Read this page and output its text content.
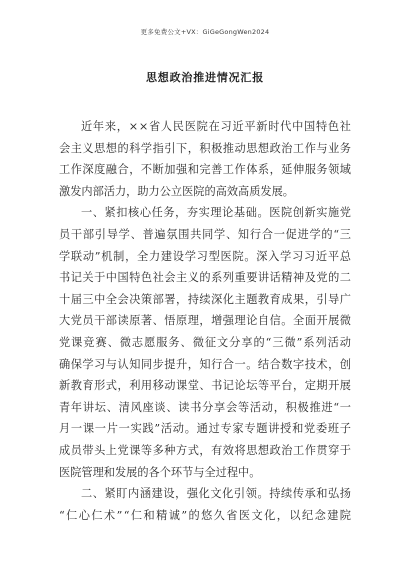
更多免费公文+VX：GiGeGongWen2024
思想政治推进情况汇报
近年来，××省人民医院在习近平新时代中国特色社
会主义思想的科学指引下，积极推动思想政治工作与业务
工作深度融合，不断加强和完善工作体系，延伸服务领域
激发内部活力，助力公立医院的高效高质发展。
一、紧扣核心任务，夯实理论基础。医院创新实施党
员干部引导学、普遍氛围共同学、知行合一促进学的“三
学联动”机制，全力建设学习型医院。深入学习习近平总
书记关于中国特色社会主义的系列重要讲话精神及党的二
十届三中全会决策部署，持续深化主题教育成果，引导广
大党员干部读原著、悟原理，增强理论自信。全面开展微
党课竞赛、微志愿服务、微征文分享的“三微”系列活动
确保学习与认知同步提升，知行合一。结合数字技术，创
新教育形式，利用移动课堂、书记论坛等平台，定期开展
青年讲坛、清风座谈、读书分享会等活动，积极推进“一
月一课一片一实践”活动。通过专家专题讲授和党委班子
成员带头上党课等多种方式，有效将思想政治工作贯穿于
医院管理和发展的各个环节与全过程中。
二、紧盯内涵建设，强化文化引领。持续传承和弘扬
“仁心仁术”“仁和精诚”的悠久省医文化，以纪念建院
